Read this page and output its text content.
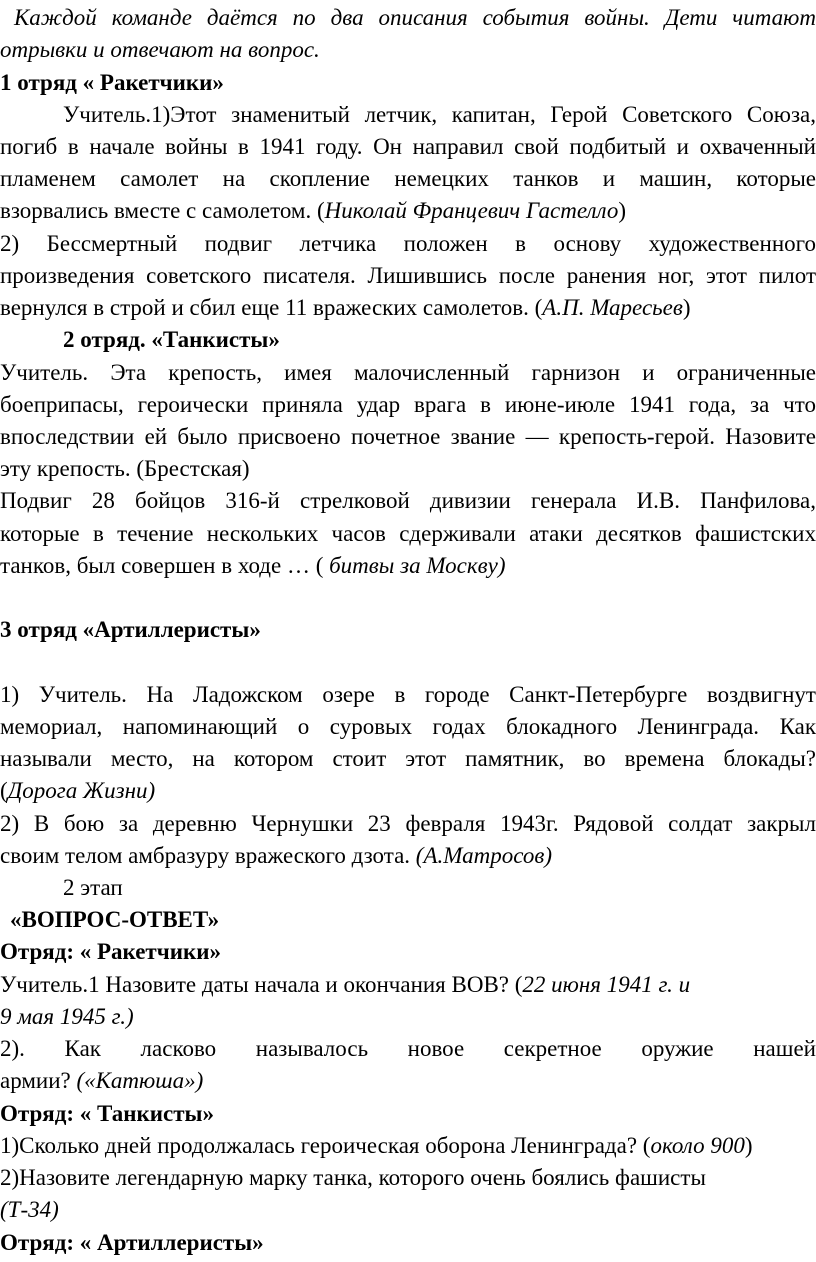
Каждой команде даётся по два описания события войны. Дети читают
отрывки и отвечают на вопрос.
1 отряд « Ракетчики»
Учитель.1)Этот знаменитый летчик, капитан, Герой Советского Союза,
погиб в начале войны в 1941 году. Он направил свой подбитый и охваченный
пламенем самолет на скопление немецких танков и машин, которые
взорвались вместе с самолетом. (Николай Францевич Гастелло)
2) Бессмертный подвиг летчика положен в основу художественного
произведения советского писателя. Лишившись после ранения ног, этот пилот
вернулся в строй и сбил еще 11 вражеских самолетов. (А.П. Маресьев)
2 отряд. «Танкисты»
Учитель. Эта крепость, имея малочисленный гарнизон и ограниченные
боеприпасы, героически приняла удар врага в июне-июле 1941 года, за что
впоследствии ей было присвоено почетное звание — крепость-герой. Назовите
эту крепость. (Брестская)
Подвиг 28 бойцов 316-й стрелковой дивизии генерала И.В. Панфилова,
которые в течение нескольких часов сдерживали атаки десятков фашистских
танков, был совершен в ходе … ( битвы за Москву)
3 отряд «Артиллеристы»
1) Учитель. На Ладожском озере в городе Санкт-Петербурге воздвигнут
мемориал, напоминающий о суровых годах блокадного Ленинграда. Как
называли место, на котором стоит этот памятник, во времена блокады?
(Дорога Жизни)
2) В бою за деревню Чернушки 23 февраля 1943г. Рядовой солдат закрыл
своим телом амбразуру вражеского дзота. (А.Матросов)
2 этап
«ВОПРОС-ОТВЕТ»
Отряд: « Ракетчики»
Учитель.1 Назовите даты начала и окончания ВОВ? (22 июня 1941 г. и
9 мая 1945 г.)
2). Как ласково называлось новое секретное оружие нашей
армии? («Катюша»)
Отряд: « Танкисты»
1)Сколько дней продолжалась героическая оборона Ленинграда? (около 900)
2)Назовите легендарную марку танка, которого очень боялись фашисты
(Т-34)
Отряд: « Артиллеристы»
